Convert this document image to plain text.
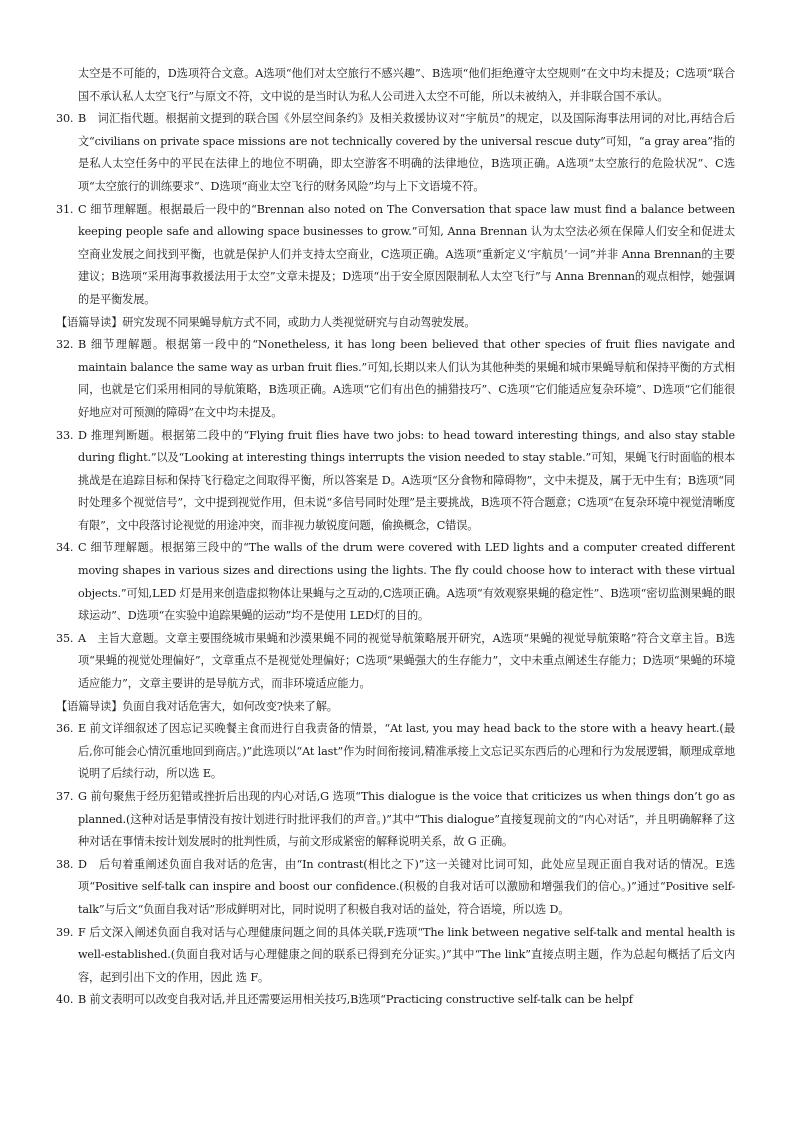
太空是不可能的，D选项符合文意。A选项“他们对太空旅行不感兴趣”、B选项“他们拒绝遵守太空规则”在文中均未提及；C选项“联合国不承认私人太空飞行”与原文不符，文中说的是当时认为私人公司进入太空不可能，所以未被纳入，并非联合国不承认。

30. B　词汇指代题。根据前文提到的联合国《外层空间条约》及相关救援协议对“宇航员”的规定，以及国际海事法用词的对比,再结合后文“civilians on private space missions are not technically covered by the universal rescue duty”可知，“a gray area”指的是私人太空任务中的平民在法律上的地位不明确，即太空游客不明确的法律地位，B选项正确。A选项“太空旅行的危险状况”、C选项“太空旅行的训练要求”、D选项“商业太空飞行的财务风险”均与上下文语境不符。
31. C 细节理解题。根据最后一段中的“Brennan also noted on The Conversation that space law must find a balance between keeping people safe and allowing space businesses to grow.”可知, Anna Brennan 认为太空法必须在保障人们安全和促进太空商业发展之间找到平衡，也就是保护人们并支持太空商业，C选项正确。A选项“重新定义‘宇航员’一词”并非 Anna Brennan的主要建议；B选项“采用海事救援法用于太空”文章未提及；D选项“出于安全原因限制私人太空飞行”与 Anna Brennan的观点相悖，她强调的是平衡发展。

【语篇导读】研究发现不同果蝇导航方式不同，或助力人类视觉研究与自动驾驶发展。

32. B 细节理解题。根据第一段中的“Nonetheless, it has long been believed that other species of fruit flies navigate and maintain balance the same way as urban fruit flies.”可知,长期以来人们认为其他种类的果蝇和城市果蝇导航和保持平衡的方式相同，也就是它们采用相同的导航策略，B选项正确。A选项“它们有出色的捕猎技巧”、C选项“它们能适应复杂环境”、D选项“它们能很好地应对可预测的障碍”在文中均未提及。
33. D 推理判断题。根据第二段中的“Flying fruit flies have two jobs: to head toward interesting things, and also stay stable during flight.”以及“Looking at interesting things interrupts the vision needed to stay stable.”可知，果蝇飞行时面临的根本挑战是在追踪目标和保持飞行稳定之间取得平衡，所以答案是 D。A选项“区分食物和障碍物”，文中未提及，属于无中生有；B选项“同时处理多个视觉信号”，文中提到视觉作用，但未说“多信号同时处理”是主要挑战，B选项不符合题意；C选项“在复杂环境中视觉清晰度有限”，文中段落讨论视觉的用途冲突，而非视力敏锐度问题，偷换概念，C错误。
34. C 细节理解题。根据第三段中的“The walls of the drum were covered with LED lights and a computer created different moving shapes in various sizes and directions using the lights. The fly could choose how to interact with these virtual objects.”可知,LED 灯是用来创造虚拟物体让果蝇与之互动的,C选项正确。A选项“有效观察果蝇的稳定性”、B选项“密切监测果蝇的眼球运动”、D选项“在实验中追踪果蝇的运动”均不是使用 LED灯的目的。
35. A　主旨大意题。文章主要围绕城市果蝇和沙漠果蝇不同的视觉导航策略展开研究，A选项“果蝇的视觉导航策略”符合文章主旨。B选项“果蝇的视觉处理偏好”，文章重点不是视觉处理偏好；C选项“果蝇强大的生存能力”，文中未重点阐述生存能力；D选项“果蝇的环境适应能力”，文章主要讲的是导航方式，而非环境适应能力。

【语篇导读】负面自我对话危害大，如何改变?快来了解。

36. E 前文详细叙述了因忘记买晚餐主食而进行自我责备的情景，“At last, you may head back to the store with a heavy heart.(最后,你可能会心情沉重地回到商店。)”此选项以“At last”作为时间衔接词,精准承接上文忘记买东西后的心理和行为发展逻辑，顺理成章地说明了后续行动，所以选 E。
37. G 前句聚焦于经历犯错或挫折后出现的内心对话,G 选项“This dialogue is the voice that criticizes us when things don’t go as planned.(这种对话是事情没有按计划进行时批评我们的声音。)”其中“This dialogue”直接复现前文的“内心对话”，并且明确解释了这种对话在事情未按计划发展时的批判性质，与前文形成紧密的解释说明关系，故 G 正确。
38. D　后句着重阐述负面自我对话的危害，由“In contrast(相比之下)”这一关键对比词可知，此处应呈现正面自我对话的情况。E选项“Positive self-talk can inspire and boost our confidence.(积极的自我对话可以激励和增强我们的信心。)”通过“Positive self-talk”与后文“负面自我对话”形成鲜明对比，同时说明了积极自我对话的益处，符合语境，所以选 D。
39. F 后文深入阐述负面自我对话与心理健康问题之间的具体关联,F选项“The link between negative self-talk and mental health is well-established.(负面自我对话与心理健康之间的联系已得到充分证实。)”其中“The link”直接点明主题，作为总起句概括了后文内容，起到引出下文的作用，因此 选 F。
40. B 前文表明可以改变自我对话,并且还需要运用相关技巧,B选项“Practicing constructive self-talk can be helpf
